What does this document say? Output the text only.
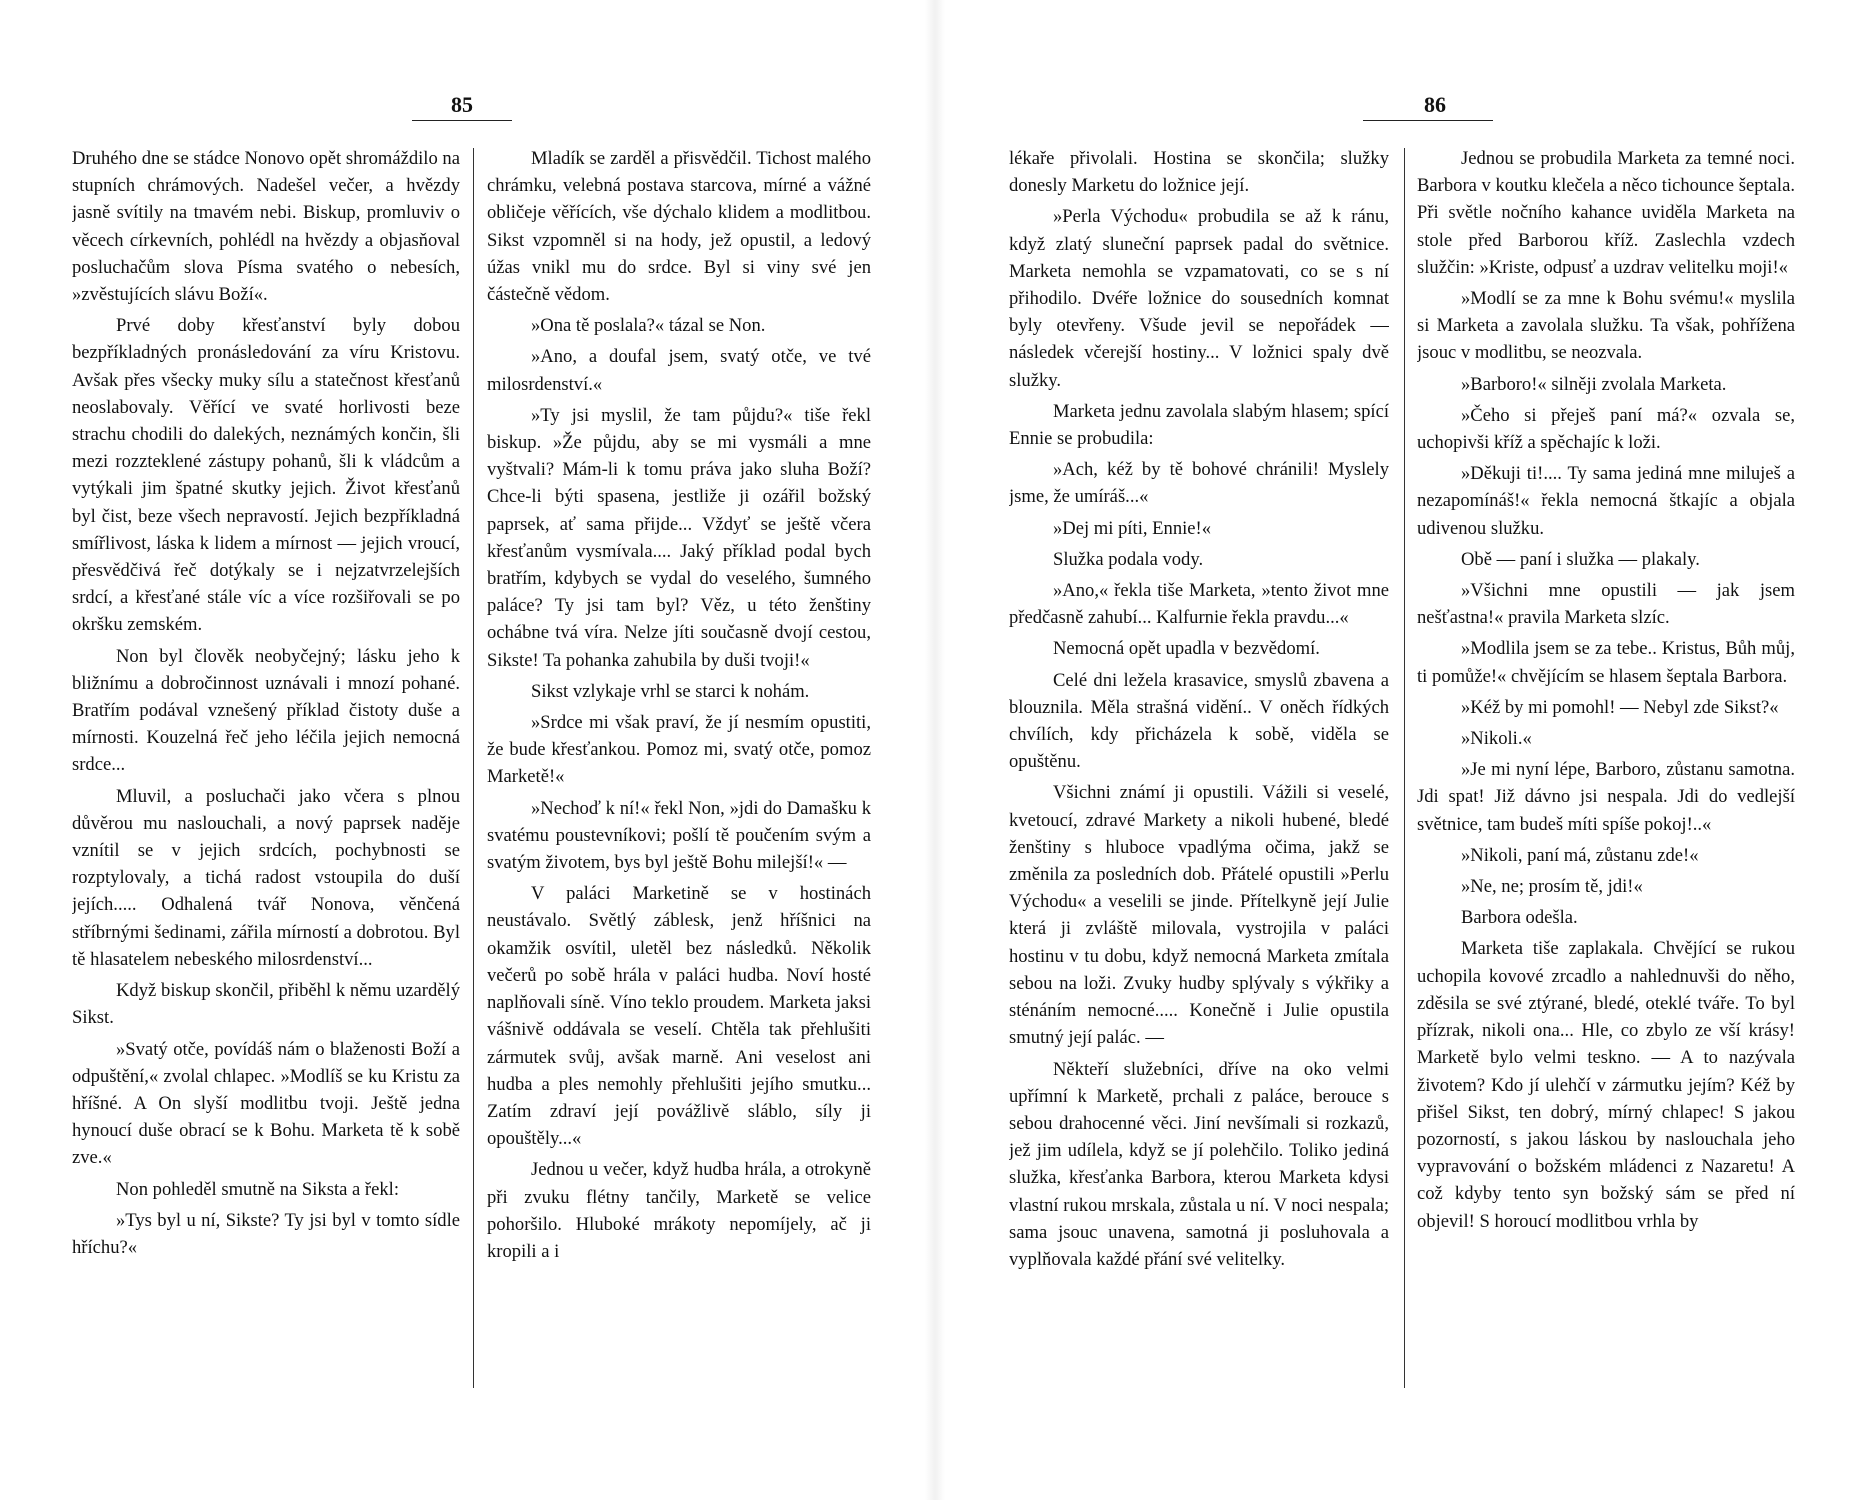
85

Druhého dne se stádce Nonovo opět shromáždilo na stupních chrámových. Nadešel večer, a hvězdy jasně svítily na tmavém nebi. Biskup, promluviv o věcech církevních, pohlédl na hvězdy a objasňoval posluchačům slova Písma svatého o nebesích, »zvěstujících slávu Boží«.

Prvé doby křesťanství byly dobou bezpříkladných pronásledování za víru Kristovu. Avšak přes všecky muky sílu a statečnost křesťanů neoslabovaly. Věřící ve svaté horlivosti beze strachu chodili do dalekých, neznámých končin, šli mezi rozzteklené zástupy pohanů, šli k vládcům a vytýkali jim špatné skutky jejich. Život křesťanů byl čist, beze všech nepravostí. Jejich bezpříkladná smířlivost, láska k lidem a mírnost — jejich vroucí, přesvědčivá řeč dotýkaly se i nejzatvrzelejších srdcí, a křesťané stále víc a více rozšiřovali se po okršku zemském.

Non byl člověk neobyčejný; lásku jeho k bližnímu a dobročinnost uznávali i mnozí pohané. Bratřím podával vznešený příklad čistoty duše a mírnosti. Kouzelná řeč jeho léčila jejich nemocná srdce...

Mluvil, a posluchači jako včera s plnou důvěrou mu naslouchali, a nový paprsek naděje vznítil se v jejich srdcích, pochybnosti se rozptylovaly, a tichá radost vstoupila do duší jejích..... Odhalená tvář Nonova, věnčená stříbrnými šedinami, zářila mírností a dobrotou. Byl tě hlasatelem nebeského milosrdenství...

Když biskup skončil, přiběhl k němu uzardělý Sikst.

»Svatý otče, povídáš nám o blaženosti Boží a odpuštění,« zvolal chlapec. »Modlíš se ku Kristu za hříšné. A On slyší modlitbu tvoji. Ještě jedna hynoucí duše obrací se k Bohu. Marketa tě k sobě zve.«

Non pohleděl smutně na Siksta a řekl:

»Tys byl u ní, Sikste? Ty jsi byl v tomto sídle hříchu?«

Mladík se zarděl a přisvědčil. Tichost malého chrámku, velebná postava starcova, mírné a vážné obličeje věřících, vše dýchalo klidem a modlitbou. Sikst vzpomněl si na hody, jež opustil, a ledový úžas vnikl mu do srdce. Byl si viny své jen částečně vědom.

»Ona tě poslala?« tázal se Non.

»Ano, a doufal jsem, svatý otče, ve tvé milosrdenství.«

»Ty jsi myslil, že tam půjdu?« tiše řekl biskup. »Že půjdu, aby se mi vysmáli a mne vyštvali? Mám-li k tomu práva jako sluha Boží? Chce-li býti spasena, jestliže ji ozářil božský paprsek, ať sama přijde... Vždyť se ještě včera křesťanům vysmívala.... Jaký příklad podal bych bratřím, kdybych se vydal do veselého, šumného paláce? Ty jsi tam byl? Věz, u této ženštiny ochábne tvá víra. Nelze jíti současně dvojí cestou, Sikste! Ta pohanka zahubila by duši tvoji!«

Sikst vzlykaje vrhl se starci k nohám.

»Srdce mi však praví, že jí nesmím opustiti, že bude křesťankou. Pomoz mi, svatý otče, pomoz Marketě!«

»Nechoď k ní!« řekl Non, »jdi do Damašku k svatému poustevníkovi; pošlí tě poučením svým a svatým životem, bys byl ještě Bohu milejší!« —

V paláci Marketině se v hostinách neustávalo. Světlý záblesk, jenž hříšnici na okamžik osvítil, uletěl bez následků. Několik večerů po sobě hrála v paláci hudba. Noví hosté naplňovali síně. Víno teklo proudem. Marketa jaksi vášnivě oddávala se veselí. Chtěla tak přehlušiti zármutek svůj, avšak marně. Ani veselost ani hudba a ples nemohly přehlušiti jejího smutku... Zatím zdraví její povážlivě sláblo, síly ji opouštěly...«

Jednou u večer, když hudba hrála, a otrokyně při zvuku flétny tančily, Marketě se velice pohoršilo. Hluboké mrákoty nepomíjely, ač ji kropili a i

86

lékaře přivolali. Hostina se skončila; služky donesly Marketu do ložnice její.

»Perla Východu« probudila se až k ránu, když zlatý sluneční paprsek padal do světnice. Marketa nemohla se vzpamatovati, co se s ní přihodilo. Dvéře ložnice do sousedních komnat byly otevřeny. Všude jevil se nepořádek — následek včerejší hostiny... V ložnici spaly dvě služky.

Marketa jednu zavolala slabým hlasem; spící Ennie se probudila:

»Ach, kéž by tě bohové chránili! Myslely jsme, že umíráš...«

»Dej mi píti, Ennie!«

Služka podala vody.

»Ano,« řekla tiše Marketa, »tento život mne předčasně zahubí... Kalfurnie řekla pravdu...«

Nemocná opět upadla v bezvědomí.

Celé dni ležela krasavice, smyslů zbavena a blouznila. Měla strašná vidění.. V oněch řídkých chvílích, kdy přicházela k sobě, viděla se opuštěnu.

Všichni známí ji opustili. Vážili si veselé, kvetoucí, zdravé Markety a nikoli hubené, bledé ženštiny s hluboce vpadlýma očima, jakž se změnila za posledních dob. Přátelé opustili »Perlu Východu« a veselili se jinde. Přítelkyně její Julie která ji zvláště milovala, vystrojila v paláci hostinu v tu dobu, když nemocná Marketa zmítala sebou na loži. Zvuky hudby splývaly s výkřiky a sténáním nemocné..... Konečně i Julie opustila smutný její palác. —

Někteří služebníci, dříve na oko velmi upřímní k Marketě, prchali z paláce, berouce s sebou drahocenné věci. Jiní nevšímali si rozkazů, jež jim udílela, když se jí polehčilo. Toliko jediná služka, křesťanka Barbora, kterou Marketa kdysi vlastní rukou mrskala, zůstala u ní. V noci nespala; sama jsouc unavena, samotná ji posluhovala a vyplňovala každé přání své velitelky.

Jednou se probudila Marketa za temné noci. Barbora v koutku klečela a něco tichounce šeptala. Při světle nočního kahance uviděla Marketa na stole před Barborou kříž. Zaslechla vzdech služčin: »Kriste, odpusť a uzdrav velitelku moji!«

»Modlí se za mne k Bohu svému!« myslila si Marketa a zavolala služku. Ta však, pohřížena jsouc v modlitbu, se neozvala.

»Barboro!« silněji zvolala Marketa.

»Čeho si přeješ paní má?« ozvala se, uchopivši kříž a spěchajíc k loži.

»Děkuji ti!.... Ty sama jediná mne miluješ a nezapomínáš!« řekla nemocná štkajíc a objala udivenou služku.

Obě — paní i služka — plakaly.

»Všichni mne opustili — jak jsem nešťastna!« pravila Marketa slzíc.

»Modlila jsem se za tebe.. Kristus, Bůh můj, ti pomůže!« chvějícím se hlasem šeptala Barbora.

»Kéž by mi pomohl! — Nebyl zde Sikst?«

»Nikoli.«

»Je mi nyní lépe, Barboro, zůstanu samotna. Jdi spat! Již dávno jsi nespala. Jdi do vedlejší světnice, tam budeš míti spíše pokoj!..«

»Nikoli, paní má, zůstanu zde!«

»Ne, ne; prosím tě, jdi!«

Barbora odešla.

Marketa tiše zaplakala. Chvějící se rukou uchopila kovové zrcadlo a nahlednuvši do něho, zděsila se své ztýrané, bledé, oteklé tváře. To byl přízrak, nikoli ona... Hle, co zbylo ze vší krásy! Marketě bylo velmi teskno. — A to nazývala životem? Kdo jí ulehčí v zármutku jejím? Kéž by přišel Sikst, ten dobrý, mírný chlapec! S jakou pozorností, s jakou láskou by naslouchala jeho vypravování o božském mládenci z Nazaretu! A což kdyby tento syn božský sám se před ní objevil! S horoucí modlitbou vrhla by
